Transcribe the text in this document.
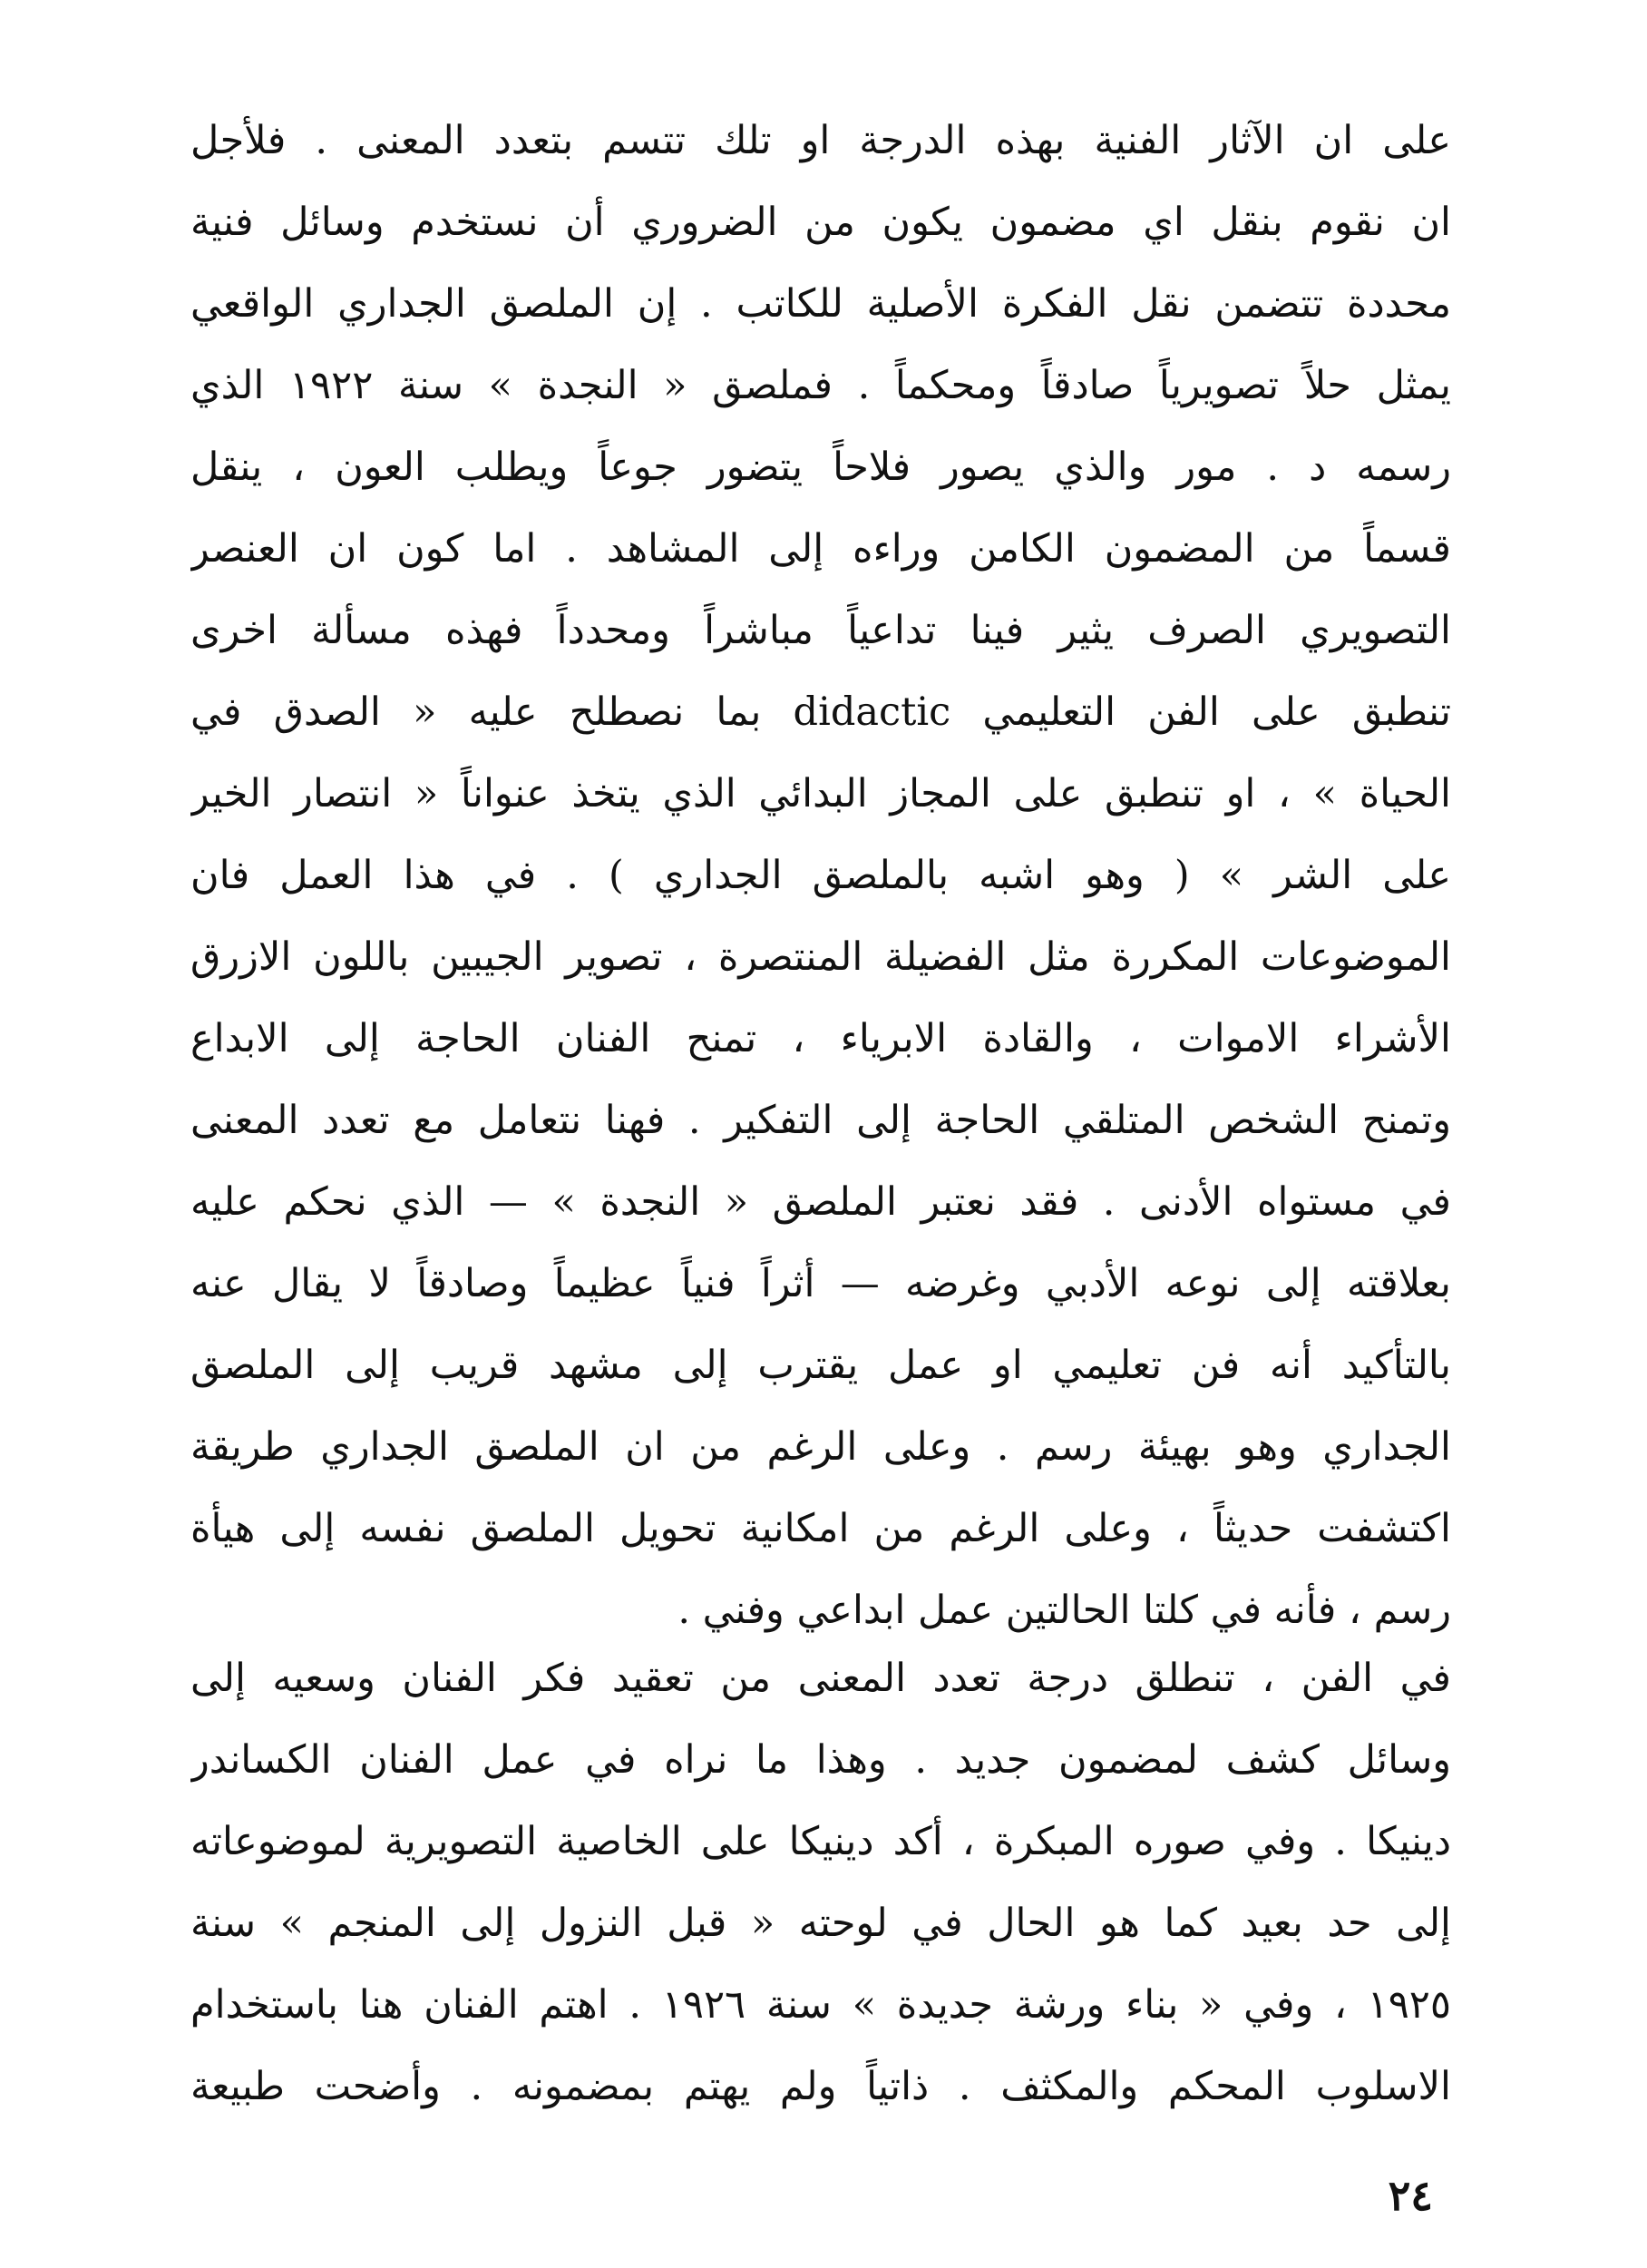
على ان الآثار الفنية بهذه الدرجة او تلك تتسم بتعدد المعنى . فلأجل
ان نقوم بنقل اي مضمون يكون من الضروري أن نستخدم وسائل فنية
محددة تتضمن نقل الفكرة الأصلية للكاتب . إن الملصق الجداري الواقعي
يمثل حلاً تصويرياً صادقاً ومحكماً . فملصق « النجدة » سنة ١٩٢٢ الذي
رسمه د . مور والذي يصور فلاحاً يتضور جوعاً ويطلب العون ، ينقل
قسماً من المضمون الكامن وراءه إلى المشاهد . اما كون ان العنصر
التصويري الصرف يثير فينا تداعياً مباشراً ومحدداً فهذه مسألة اخرى
تنطبق على الفن التعليمي didactic بما نصطلح عليه « الصدق في
الحياة » ، او تنطبق على المجاز البدائي الذي يتخذ عنواناً « انتصار الخير
على الشر » ( وهو اشبه بالملصق الجداري ) . في هذا العمل فان
الموضوعات المكررة مثل الفضيلة المنتصرة ، تصوير الجيبين باللون الازرق
الأشراء الاموات ، والقادة الابرياء ، تمنح الفنان الحاجة إلى الابداع
وتمنح الشخص المتلقي الحاجة إلى التفكير . فهنا نتعامل مع تعدد المعنى
في مستواه الأدنى . فقد نعتبر الملصق « النجدة » — الذي نحكم عليه
بعلاقته إلى نوعه الأدبي وغرضه — أثراً فنياً عظيماً وصادقاً لا يقال عنه
بالتأكيد أنه فن تعليمي او عمل يقترب إلى مشهد قريب إلى الملصق
الجداري وهو بهيئة رسم . وعلى الرغم من ان الملصق الجداري طريقة
اكتشفت حديثاً ، وعلى الرغم من امكانية تحويل الملصق نفسه إلى هيأة
رسم ، فأنه في كلتا الحالتين عمل ابداعي وفني .
في الفن ، تنطلق درجة تعدد المعنى من تعقيد فكر الفنان وسعيه إلى
وسائل كشف لمضمون جديد . وهذا ما نراه في عمل الفنان الكساندر
دينيكا . وفي صوره المبكرة ، أكد دينيكا على الخاصية التصويرية لموضوعاته
إلى حد بعيد كما هو الحال في لوحته « قبل النزول إلى المنجم » سنة
١٩٢٥ ، وفي « بناء ورشة جديدة » سنة ١٩٢٦ . اهتم الفنان هنا باستخدام
الاسلوب المحكم والمكثف . ذاتياً ولم يهتم بمضمونه . وأضحت طبيعة
٢٤
